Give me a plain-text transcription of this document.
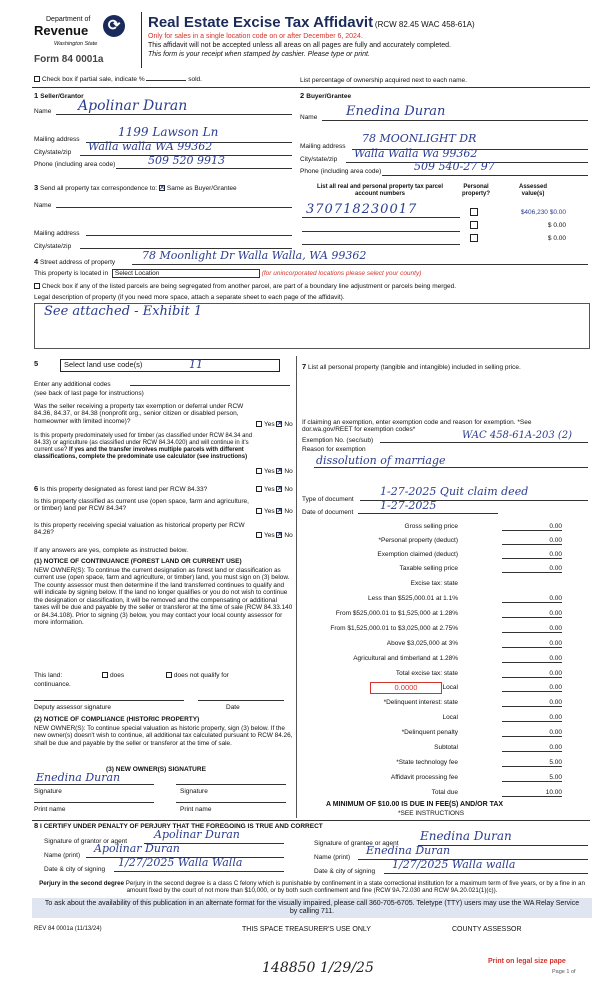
Department of
Revenue	⟳
Washington State
Form 84 0001a
Real Estate Excise Tax Affidavit (RCW 82.45 WAC 458-61A)
Only for sales in a single location code on or after December 6, 2024.
This affidavit will not be accepted unless all areas on all pages are fully and accurately completed.
This form is your receipt when stamped by cashier. Please type or print.
Check box if partial sale, indicate %	sold.	List percentage of ownership acquired next to each name.
1 Seller/Grantor
Name Apolinar Duran
Mailing address
1199 Lawson Ln
City/state/zip Walla walla WA 99362
Phone (including area code)	509 520 9913
2 Buyer/Grantee
Name Enedina Duran
Mailing address
78 MOONLIGHT DR
City/state/zip Walla Walla Wa 99362
Phone (including area code)	509 540-27 97
3 Send all property tax correspondence to: ✕ Same as Buyer/Grantee
Name
Mailing address
City/state/zip
List all real and personal property tax parcel account numbers
Personal property?
Assessed value(s)
370718230017	$406,230 $0.00
$ 0.00
$ 0.00
4 Street address of property
78 Moonlight Dr Walla Walla, WA 99362
This property is located in Select Location	(for unincorporated locations please select your county)
Check box if any of the listed parcels are being segregated from another parcel, are part of a boundary line adjustment or parcels being merged.
Legal description of property (if you need more space, attach a separate sheet to each page of the affidavit).
See attached - Exhibit 1
5	Select land use code(s)	11
Enter any additional codes
(see back of last page for instructions)
Was the seller receiving a property tax exemption or deferral under RCW 84.36, 84.37, or 84.38 (nonprofit org., senior citizen or disabled person, homeowner with limited income)?	Yes ✕ No
Is this property predominately used for timber (as classified under RCW 84.34 and 84.33) or agriculture (as classified under RCW 84.34.020) and will continue in it's current use? If yes and the transfer involves multiple parcels with different classifications, complete the predominate use calculator (see instructions)
Yes ✕ No
6 Is this property designated as forest land per RCW 84.33?	Yes ✕ No
Is this property classified as current use (open space, farm and agriculture, or timber) land per RCW 84.34?	Yes ✕ No
Is this property receiving special valuation as historical property per RCW 84.26?	Yes ✕ No
If any answers are yes, complete as instructed below.
(1) NOTICE OF CONTINUANCE (FOREST LAND OR CURRENT USE)
NEW OWNER(S): To continue the current designation as forest land or classification as current use (open space, farm and agriculture, or timber) land, you must sign on (3) below. The county assessor must then determine if the land transferred continues to qualify and will indicate by signing below. If the land no longer qualifies or you do not wish to continue the designation or classification, it will be removed and the compensating or additional taxes will be due and payable by the seller or transferor at the time of sale (RCW 84.33.140 or 84.34.108). Prior to signing (3) below, you may contact your local county assessor for more information.
This land:	does	does not qualify for
continuance.
Deputy assessor signature	Date
(2) NOTICE OF COMPLIANCE (HISTORIC PROPERTY)
NEW OWNER(S): To continue special valuation as historic property, sign (3) below. If the new owner(s) doesn't wish to continue, all additional tax calculated pursuant to RCW 84.26, shall be due and payable by the seller or transferor at the time of sale.
(3) NEW OWNER(S) SIGNATURE
Enedina Duran
Signature	Signature
Print name	Print name
7 List all personal property (tangible and intangible) included in selling price.
If claiming an exemption, enter exemption code and reason for exemption. *See dor.wa.gov/REET for exemption codes*
Exemption No. (sec/sub)	WAC 458-61A-203 (2)
Reason for exemption
dissolution of marriage
Type of document
1-27-2025 Quit claim deed
Date of document
1-27-2025
Gross selling price	0.00
*Personal property (deduct)	0.00
Exemption claimed (deduct)	0.00
Taxable selling price	0.00
Excise tax: state
Less than $525,000.01 at 1.1%	0.00
From $525,000.01 to $1,525,000 at 1.28%	0.00
From $1,525,000.01 to $3,025,000 at 2.75%	0.00
Above $3,025,000 at 3%	0.00
Agricultural and timberland at 1.28%	0.00
Total excise tax: state	0.00
0.0000	Local	0.00
*Delinquent interest: state	0.00
Local	0.00
*Delinquent penalty	0.00
Subtotal	0.00
*State technology fee	5.00
Affidavit processing fee	5.00
Total due	10.00
A MINIMUM OF $10.00 IS DUE IN FEE(S) AND/OR TAX
*SEE INSTRUCTIONS
8 I CERTIFY UNDER PENALTY OF PERJURY THAT THE FOREGOING IS TRUE AND CORRECT
Signature of grantor or agent
Apolinar Duran
Name (print)
Apolinar Duran
Date & city of signing
1/27/2025 Walla Walla
Signature of grantee or agent
Enedina Duran
Name (print)
Enedina Duran
Date & city of signing
1/27/2025 Walla walla
Perjury in the second degree Perjury in the second degree is a class C felony which is punishable by confinement in a state correctional institution for a maximum term of five years, or by a fine in an amount fixed by the court of not more than $10,000, or by both such confinement and fine (RCW 9A.72.030 and RCW 9A.20.021(1)(c)).
To ask about the availability of this publication in an alternate format for the visually impaired, please call 360-705-6705. Teletype (TTY) users may use the WA Relay Service by calling 711.
REV 84 0001a (11/13/24)	THIS SPACE TREASURER'S USE ONLY	COUNTY ASSESSOR
148850 1/29/25	Print on legal size pape
Page 1 of
